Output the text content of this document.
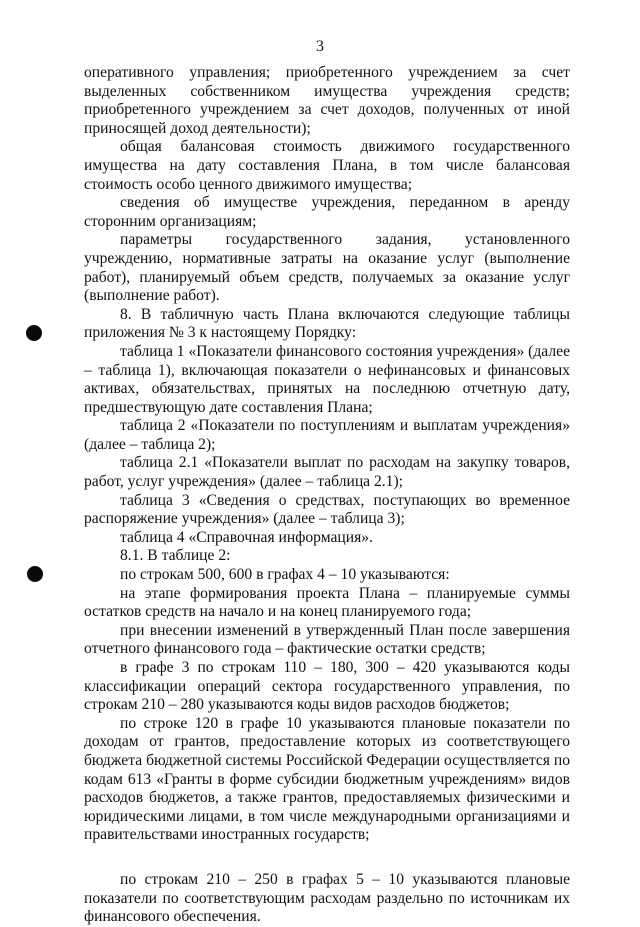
3

оперативного управления; приобретенного учреждением за счет выделенных собственником имущества учреждения средств; приобретенного учреждением за счет доходов, полученных от иной приносящей доход деятельности);

общая балансовая стоимость движимого государственного имущества на дату составления Плана, в том числе балансовая стоимость особо ценного движимого имущества;

сведения об имуществе учреждения, переданном в аренду сторонним организациям;

параметры государственного задания, установленного учреждению, нормативные затраты на оказание услуг (выполнение работ), планируемый объем средств, получаемых за оказание услуг (выполнение работ).

8. В табличную часть Плана включаются следующие таблицы приложения № 3 к настоящему Порядку:

таблица 1 «Показатели финансового состояния учреждения» (далее – таблица 1), включающая показатели о нефинансовых и финансовых активах, обязательствах, принятых на последнюю отчетную дату, предшествующую дате составления Плана;

таблица 2 «Показатели по поступлениям и выплатам учреждения» (далее – таблица 2);

таблица 2.1 «Показатели выплат по расходам на закупку товаров, работ, услуг учреждения» (далее – таблица 2.1);

таблица 3 «Сведения о средствах, поступающих во временное распоряжение учреждения» (далее – таблица 3);

таблица 4 «Справочная информация».

8.1. В таблице 2:

по строкам 500, 600 в графах 4 – 10 указываются:

на этапе формирования проекта Плана – планируемые суммы остатков средств на начало и на конец планируемого года;

при внесении изменений в утвержденный План после завершения отчетного финансового года – фактические остатки средств;

в графе 3 по строкам 110 – 180, 300 – 420 указываются коды классификации операций сектора государственного управления, по строкам 210 – 280 указываются коды видов расходов бюджетов;

по строке 120 в графе 10 указываются плановые показатели по доходам от грантов, предоставление которых из соответствующего бюджета бюджетной системы Российской Федерации осуществляется по кодам 613 «Гранты в форме субсидии бюджетным учреждениям» видов расходов бюджетов, а также грантов, предоставляемых физическими и юридическими лицами, в том числе международными организациями и правительствами иностранных государств;

по строкам 210 – 250 в графах 5 – 10 указываются плановые показатели по соответствующим расходам раздельно по источникам их финансового обеспечения.
